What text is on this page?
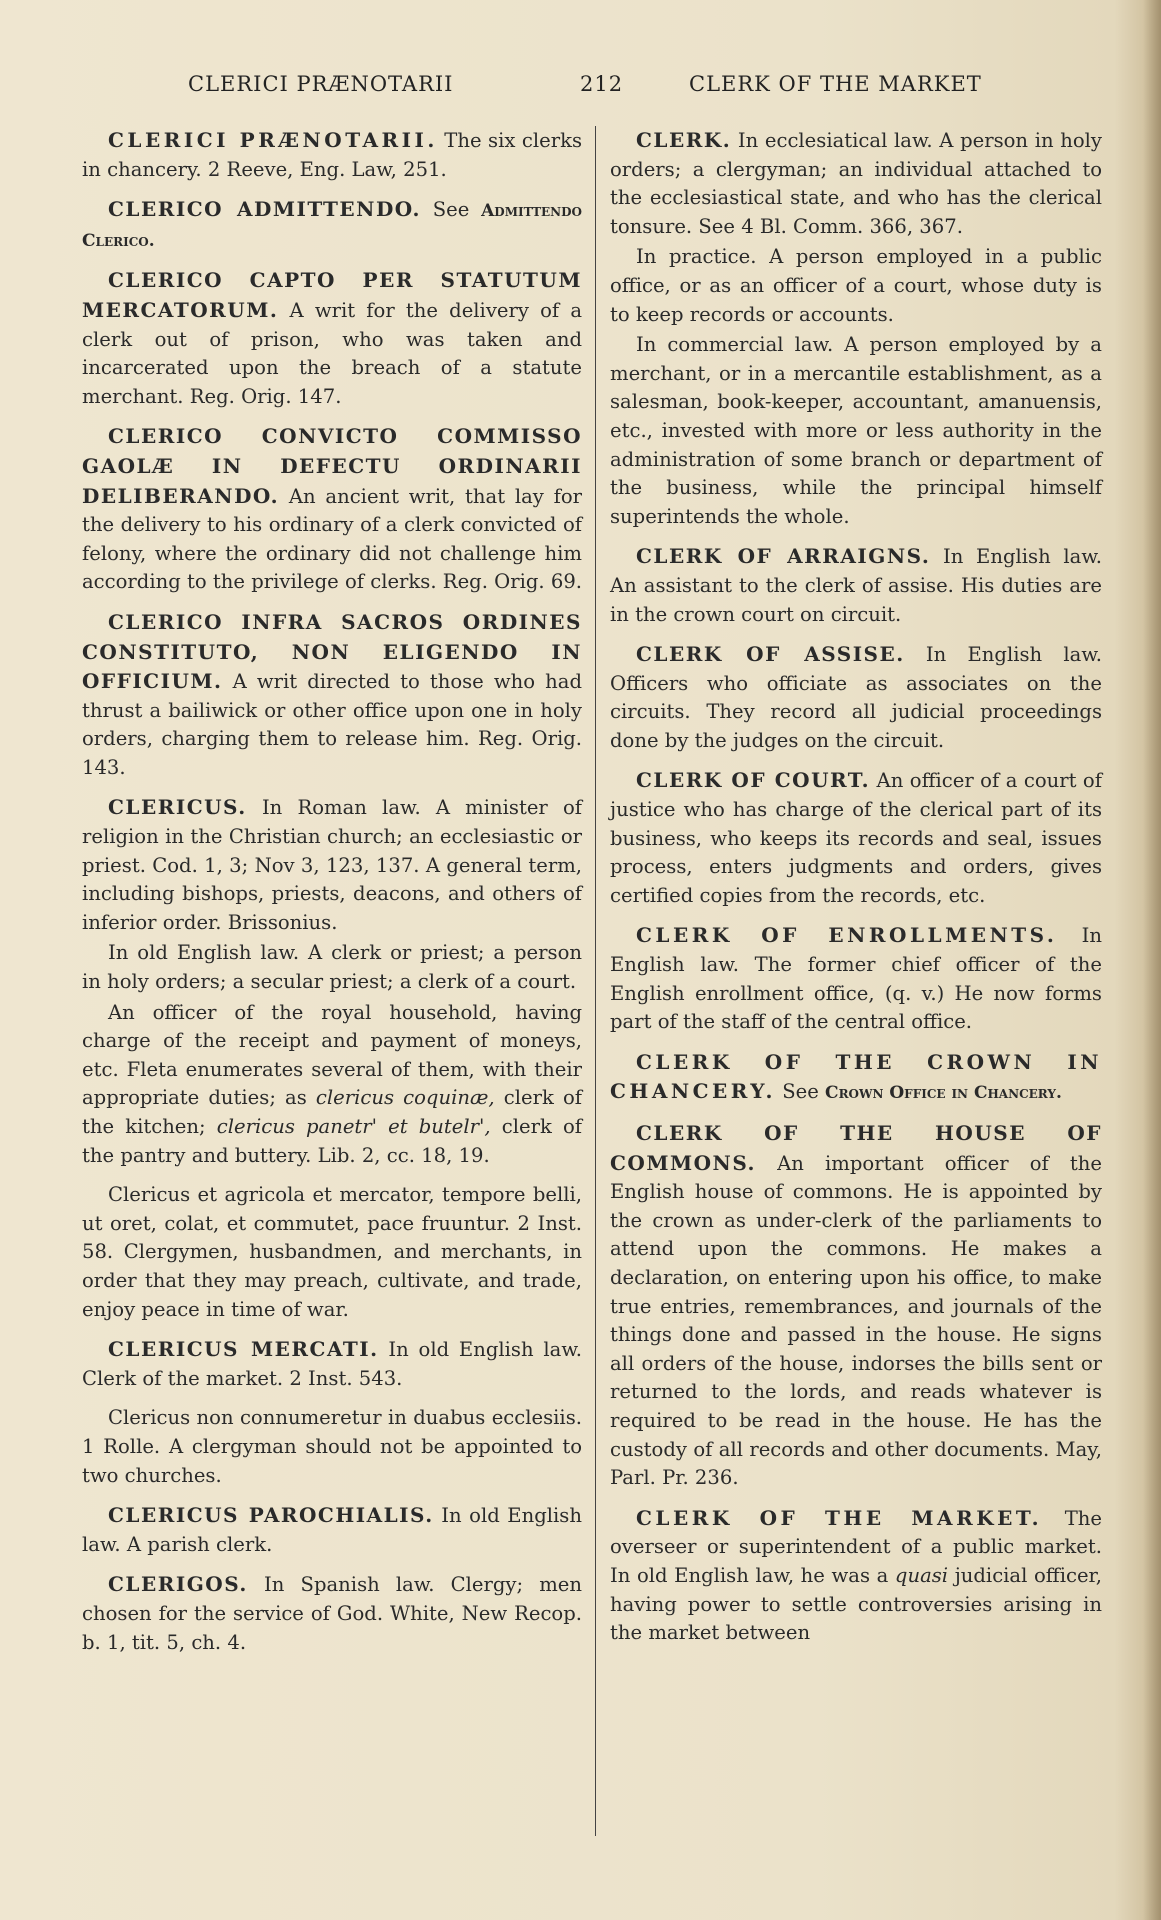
CLERICI PRÆNOTARII	212	CLERK OF THE MARKET

CLERICI PRÆNOTARII. The six clerks in chancery. 2 Reeve, Eng. Law, 251.

CLERICO ADMITTENDO. See Admittendo Clerico.

CLERICO CAPTO PER STATUTUM MERCATORUM. A writ for the delivery of a clerk out of prison, who was taken and incarcerated upon the breach of a statute merchant. Reg. Orig. 147.

CLERICO CONVICTO COMMISSO GAOLÆ IN DEFECTU ORDINARII DELIBERANDO. An ancient writ, that lay for the delivery to his ordinary of a clerk convicted of felony, where the ordinary did not challenge him according to the privilege of clerks. Reg. Orig. 69.

CLERICO INFRA SACROS ORDINES CONSTITUTO, NON ELIGENDO IN OFFICIUM. A writ directed to those who had thrust a bailiwick or other office upon one in holy orders, charging them to release him. Reg. Orig. 143.

CLERICUS. In Roman law. A minister of religion in the Christian church; an ecclesiastic or priest. Cod. 1, 3; Nov 3, 123, 137. A general term, including bishops, priests, deacons, and others of inferior order. Brissonius.

In old English law. A clerk or priest; a person in holy orders; a secular priest; a clerk of a court.

An officer of the royal household, having charge of the receipt and payment of moneys, etc. Fleta enumerates several of them, with their appropriate duties; as clericus coquinæ, clerk of the kitchen; clericus panetr' et butelr', clerk of the pantry and buttery. Lib. 2, cc. 18, 19.

Clericus et agricola et mercator, tempore belli, ut oret, colat, et commutet, pace fruuntur. 2 Inst. 58. Clergymen, husbandmen, and merchants, in order that they may preach, cultivate, and trade, enjoy peace in time of war.

CLERICUS MERCATI. In old English law. Clerk of the market. 2 Inst. 543.

Clericus non connumeretur in duabus ecclesiis. 1 Rolle. A clergyman should not be appointed to two churches.

CLERICUS PAROCHIALIS. In old English law. A parish clerk.

CLERIGOS. In Spanish law. Clergy; men chosen for the service of God. White, New Recop. b. 1, tit. 5, ch. 4.

CLERK. In ecclesiatical law. A person in holy orders; a clergyman; an individual attached to the ecclesiastical state, and who has the clerical tonsure. See 4 Bl. Comm. 366, 367.

In practice. A person employed in a public office, or as an officer of a court, whose duty is to keep records or accounts.

In commercial law. A person employed by a merchant, or in a mercantile establishment, as a salesman, book-keeper, accountant, amanuensis, etc., invested with more or less authority in the administration of some branch or department of the business, while the principal himself superintends the whole.

CLERK OF ARRAIGNS. In English law. An assistant to the clerk of assise. His duties are in the crown court on circuit.

CLERK OF ASSISE. In English law. Officers who officiate as associates on the circuits. They record all judicial proceedings done by the judges on the circuit.

CLERK OF COURT. An officer of a court of justice who has charge of the clerical part of its business, who keeps its records and seal, issues process, enters judgments and orders, gives certified copies from the records, etc.

CLERK OF ENROLLMENTS. In English law. The former chief officer of the English enrollment office, (q. v.) He now forms part of the staff of the central office.

CLERK OF THE CROWN IN CHANCERY. See Crown Office in Chancery.

CLERK OF THE HOUSE OF COMMONS. An important officer of the English house of commons. He is appointed by the crown as under-clerk of the parliaments to attend upon the commons. He makes a declaration, on entering upon his office, to make true entries, remembrances, and journals of the things done and passed in the house. He signs all orders of the house, indorses the bills sent or returned to the lords, and reads whatever is required to be read in the house. He has the custody of all records and other documents. May, Parl. Pr. 236.

CLERK OF THE MARKET. The overseer or superintendent of a public market. In old English law, he was a quasi judicial officer, having power to settle controversies arising in the market between
